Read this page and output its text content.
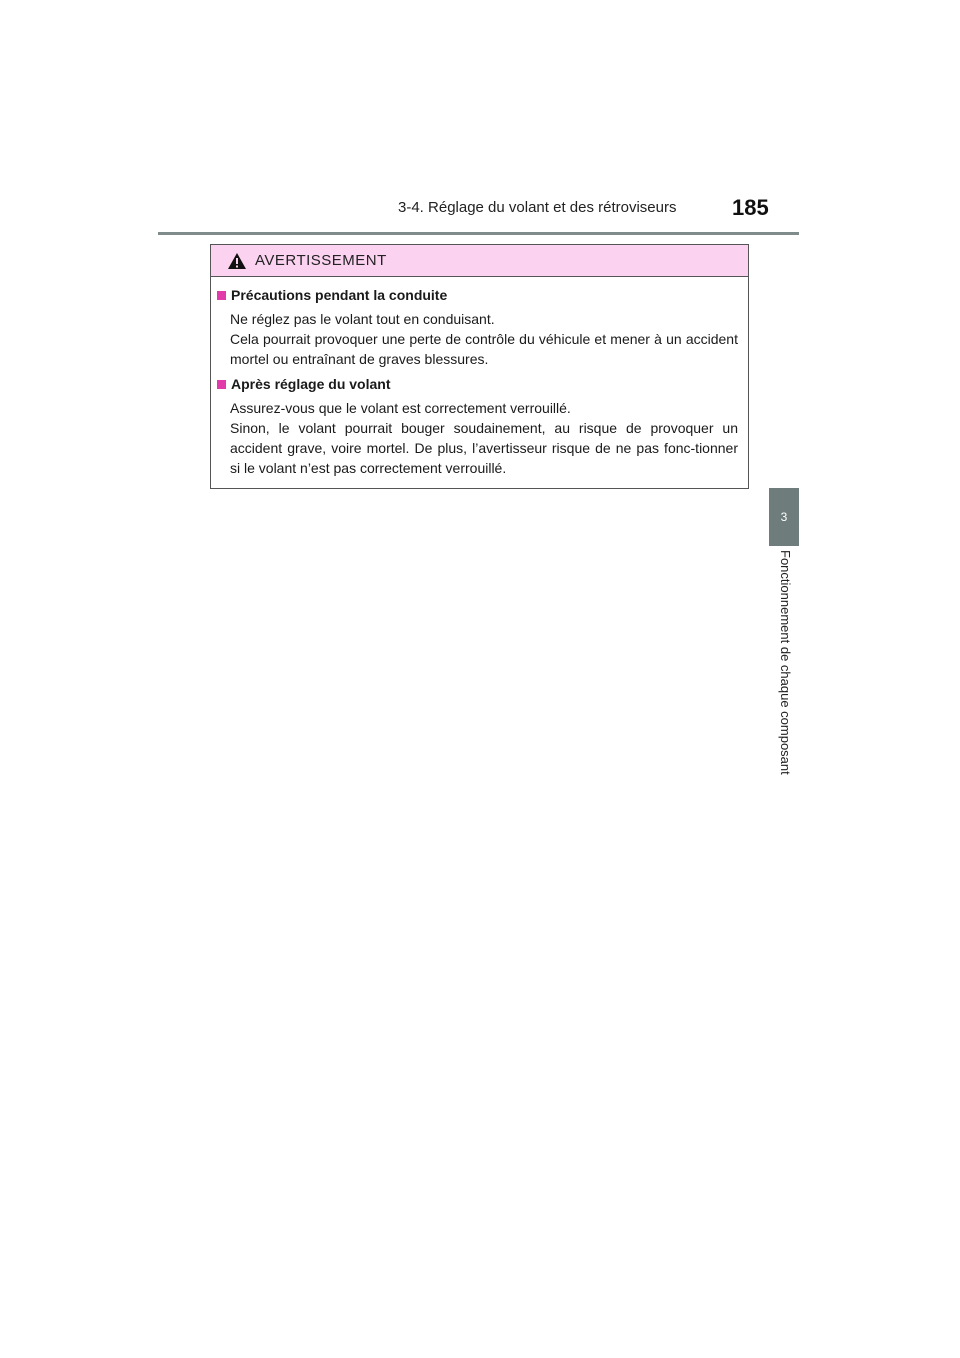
3-4. Réglage du volant et des rétroviseurs	185
3
Fonctionnement de chaque composant
AVERTISSEMENT
Précautions pendant la conduite
Ne réglez pas le volant tout en conduisant.
Cela pourrait provoquer une perte de contrôle du véhicule et mener à un accident mortel ou entraînant de graves blessures.
Après réglage du volant
Assurez-vous que le volant est correctement verrouillé.
Sinon, le volant pourrait bouger soudainement, au risque de provoquer un accident grave, voire mortel. De plus, l’avertisseur risque de ne pas fonc-tionner si le volant n’est pas correctement verrouillé.
